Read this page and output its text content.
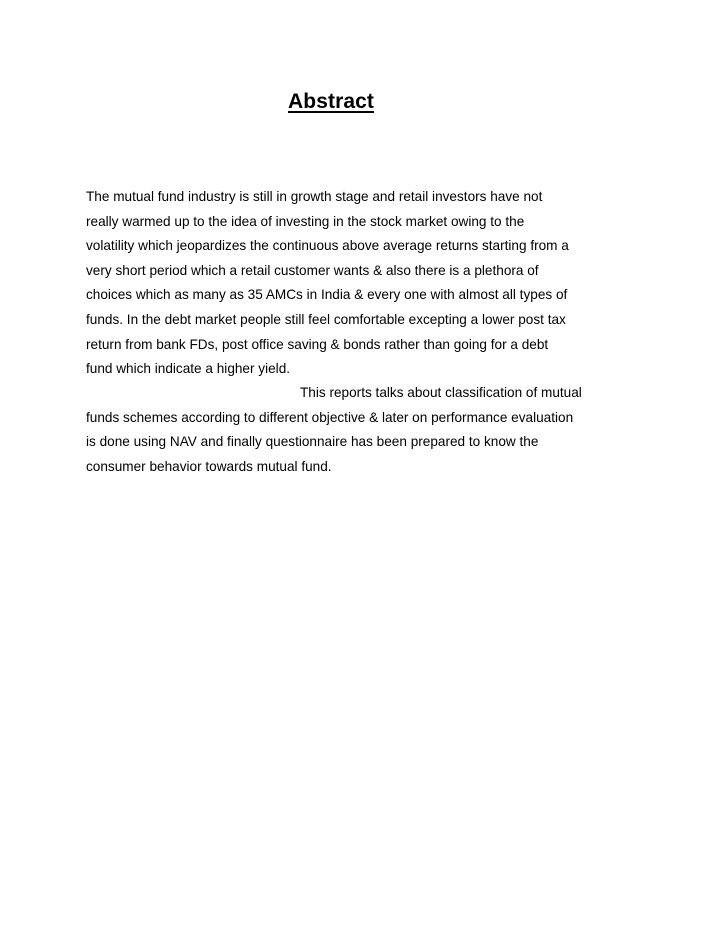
Abstract
The mutual fund industry is still in growth stage and retail investors have not
really warmed up to the idea of investing in the stock market owing to the
volatility which jeopardizes the continuous above average returns starting from a
very short period which a retail customer wants & also there is a plethora of
choices which as many as 35 AMCs in India & every one with almost all types of
funds. In the debt market people still feel comfortable excepting a lower post tax
return from bank FDs, post office saving & bonds rather than going for a debt
fund which indicate a higher yield.
This reports talks about classification of mutual
funds schemes according to different objective & later on performance evaluation
is done using NAV and finally questionnaire has been prepared to know the
consumer behavior towards mutual fund.
